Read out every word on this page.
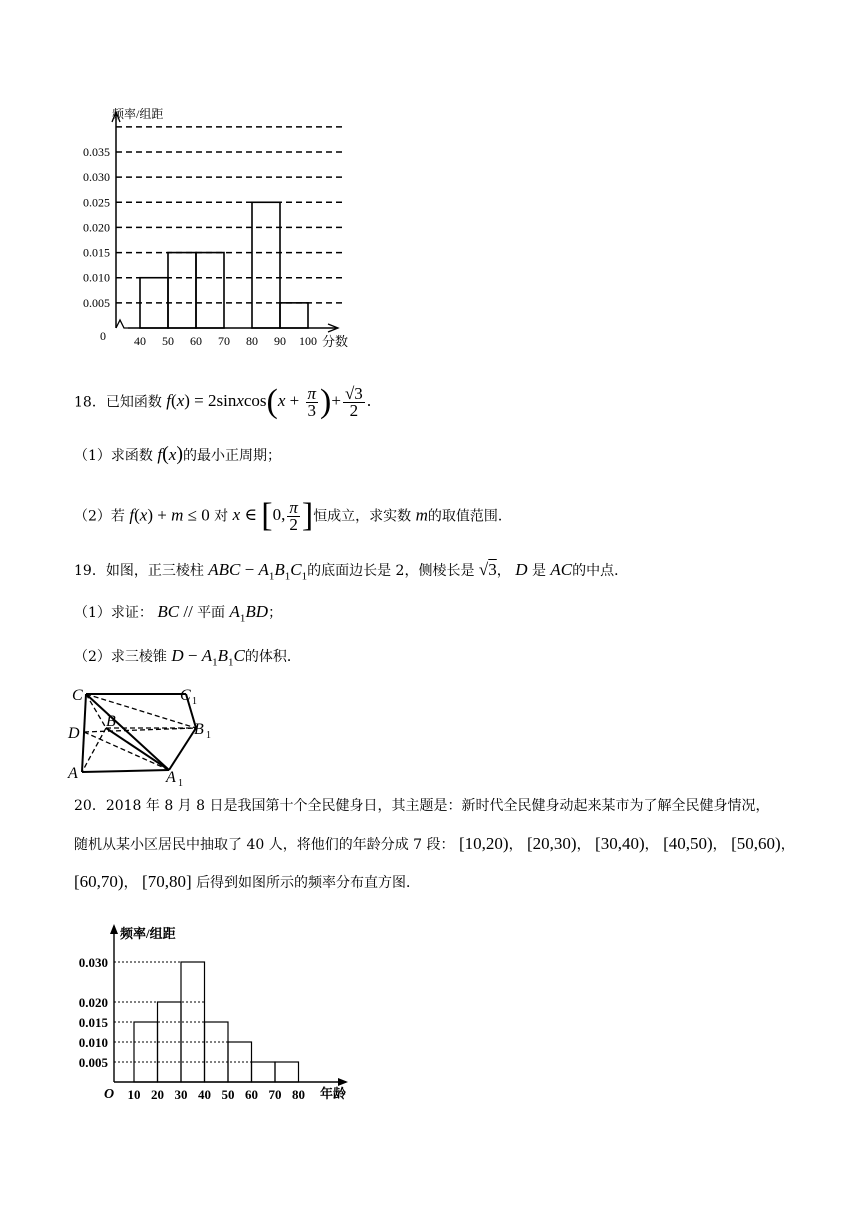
0.005
0.010
0.015
0.020
0.025
0.030
0.035
40 50 60 70 80 90 100
频率/组距
分数
0
18．已知函数 f(x) = 2sinxcos(x + $\frac{\pi}{3}$ )+ $\frac{√3}{2}$ .
（1）求函数 f(x)的最小正周期；
（2）若 f(x) + m ≤ 0 对 x ∈ [0, $\frac{\pi}{2}$ ]恒成立，求实数 m的取值范围．
19．如图，正三棱柱 ABC − $A_1B_1C_1$的底面边长是 2，侧棱长是 √3， D 是 AC的中点．
（1）求证： BC // 平面 $A_1BD$；
（2）求三棱锥 $D - A_1B_1C$的体积．
C	C 1
B	B 1
D
A	A 1
20．2018 年 8 月 8 日是我国第十个全民健身日，其主题是：新时代全民健身动起来某市为了解全民健身情况，
随机从某小区居民中抽取了 40 人，将他们的年龄分成 7 段： [10,20)， [20,30)， [30,40)， [40,50)， [50,60)，
[60,70)， [70,80] 后得到如图所示的频率分布直方图．
0.005
0.010
0.015
0.020
0.030
10 20 30 40 50 60 70 80
频率/组距
年龄
O
